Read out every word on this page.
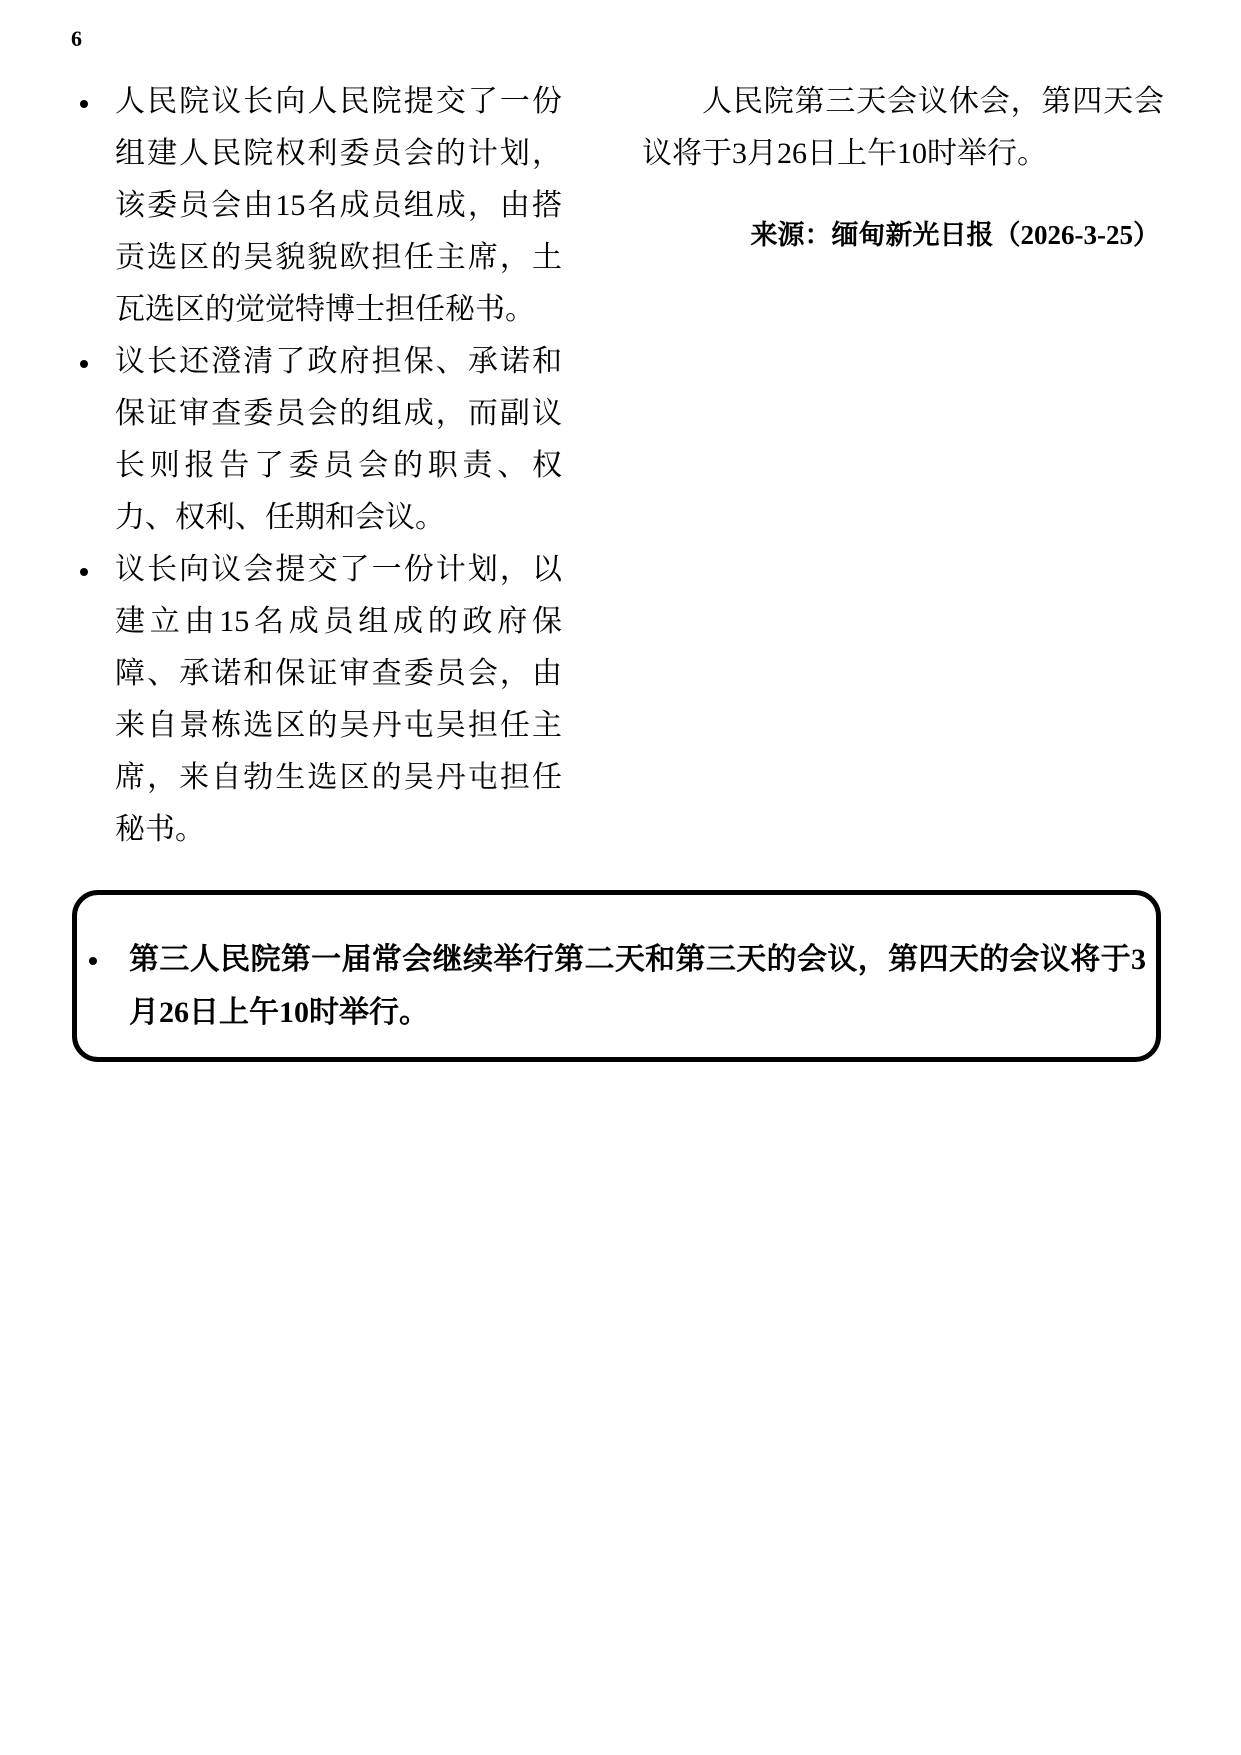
6
人民院议长向人民院提交了一份组建人民院权利委员会的计划，该委员会由15名成员组成，由搭贡选区的吴貌貌欧担任主席，土瓦选区的觉觉特博士担任秘书。
议长还澄清了政府担保、承诺和保证审查委员会的组成，而副议长则报告了委员会的职责、权力、权利、任期和会议。
议长向议会提交了一份计划，以建立由15名成员组成的政府保障、承诺和保证审查委员会，由来自景栋选区的吴丹屯吴担任主席，来自勃生选区的吴丹屯担任秘书。

人民院第三天会议休会，第四天会议将于3月26日上午10时举行。

来源：缅甸新光日报（2026-3-25）
第三人民院第一届常会继续举行第二天和第三天的会议，第四天的会议将于3月26日上午10时举行。
